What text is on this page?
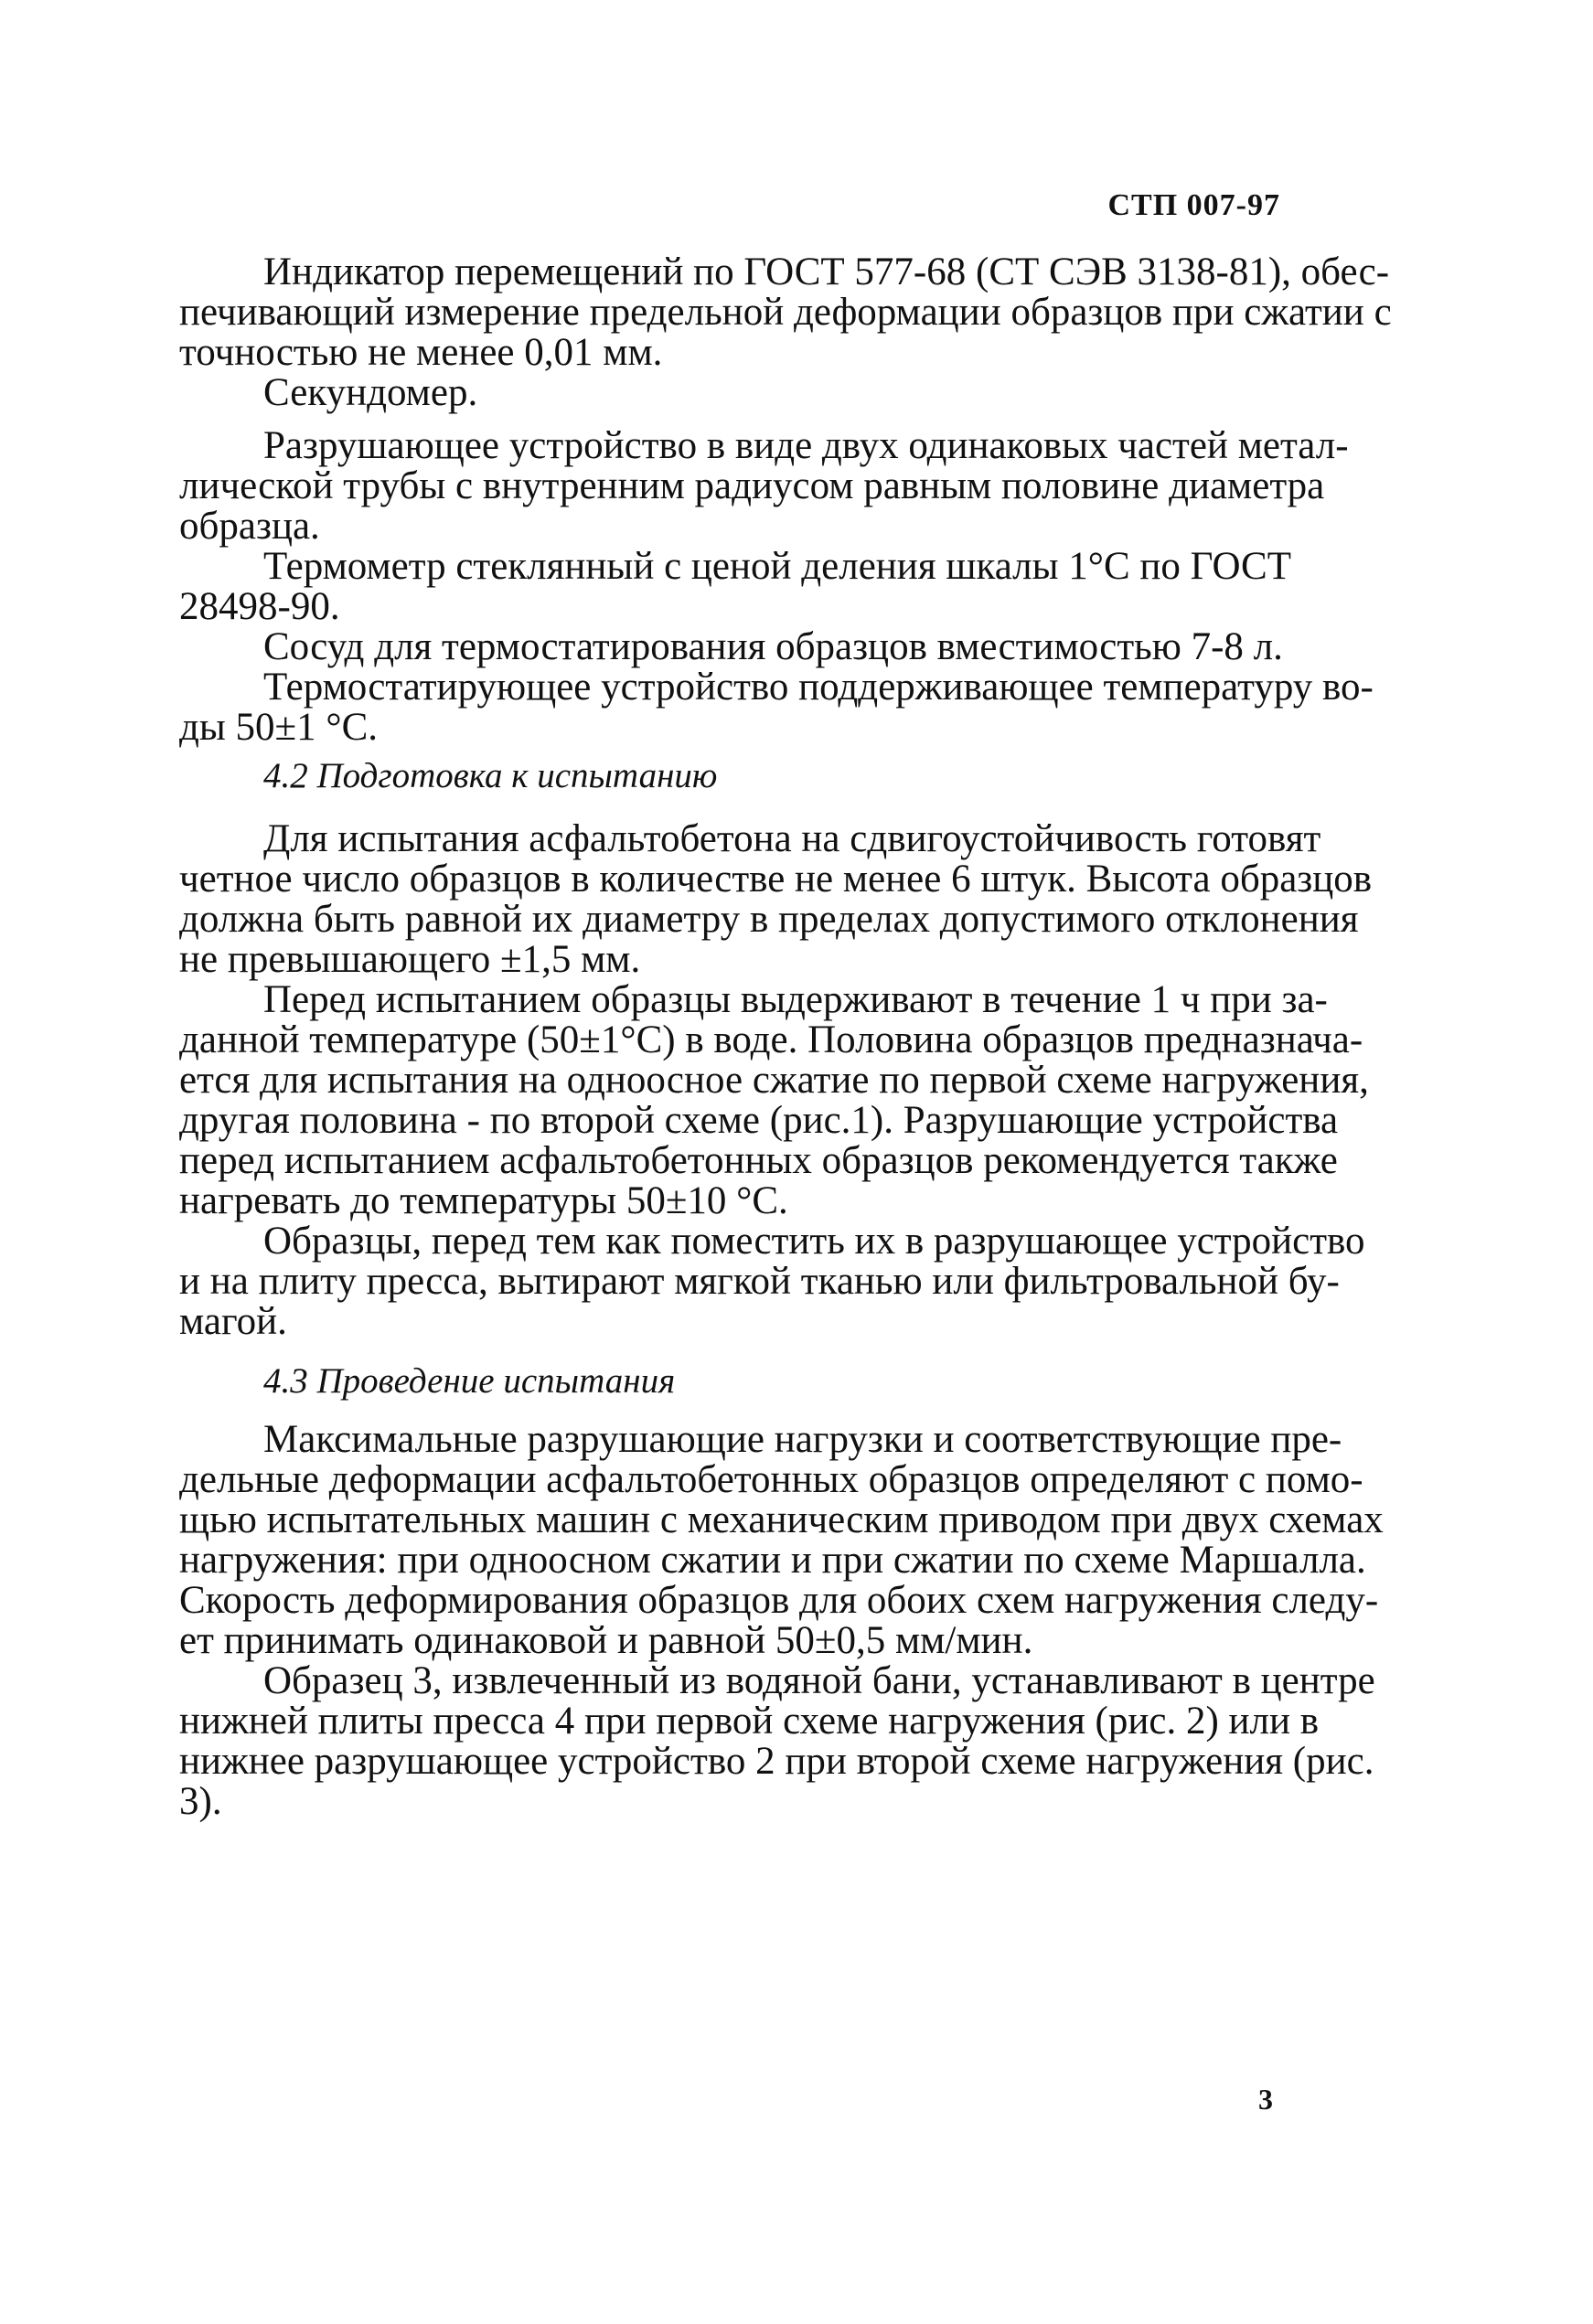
СТП 007-97
Индикатор перемещений по ГОСТ 577-68 (СТ СЭВ 3138-81), обес-
печивающий измерение предельной деформации образцов при сжатии с
точностью не менее 0,01 мм.
Секундомер.
Разрушающее устройство в виде двух одинаковых частей метал-
лической трубы с внутренним радиусом равным половине диаметра
образца.
Термометр стеклянный с ценой деления шкалы 1°С по ГОСТ
28498-90.
Сосуд для термостатирования образцов вместимостью 7-8 л.
Термостатирующее устройство поддерживающее температуру во-
ды 50±1 °С.
4.2 Подготовка к испытанию
Для испытания асфальтобетона на сдвигоустойчивость готовят
четное число образцов в количестве не менее 6 штук. Высота образцов
должна быть равной их диаметру в пределах допустимого отклонения
не превышающего ±1,5 мм.
Перед испытанием образцы выдерживают в течение 1 ч при за-
данной температуре (50±1°С) в воде. Половина образцов предназнача-
ется для испытания на одноосное сжатие по первой схеме нагружения,
другая половина - по второй схеме (рис.1). Разрушающие устройства
перед испытанием асфальтобетонных образцов рекомендуется также
нагревать до температуры 50±10 °С.
Образцы, перед тем как поместить их в разрушающее устройство
и на плиту пресса, вытирают мягкой тканью или фильтровальной бу-
магой.
4.3 Проведение испытания
Максимальные разрушающие нагрузки и соответствующие пре-
дельные деформации асфальтобетонных образцов определяют с помо-
щью испытательных машин с механическим приводом при двух схемах
нагружения: при одноосном сжатии и при сжатии по схеме Маршалла.
Скорость деформирования образцов для обоих схем нагружения следу-
ет принимать одинаковой и равной 50±0,5 мм/мин.
Образец 3, извлеченный из водяной бани, устанавливают в центре
нижней плиты пресса 4 при первой схеме нагружения (рис. 2) или в
нижнее разрушающее устройство 2 при второй схеме нагружения (рис.
3).
3
